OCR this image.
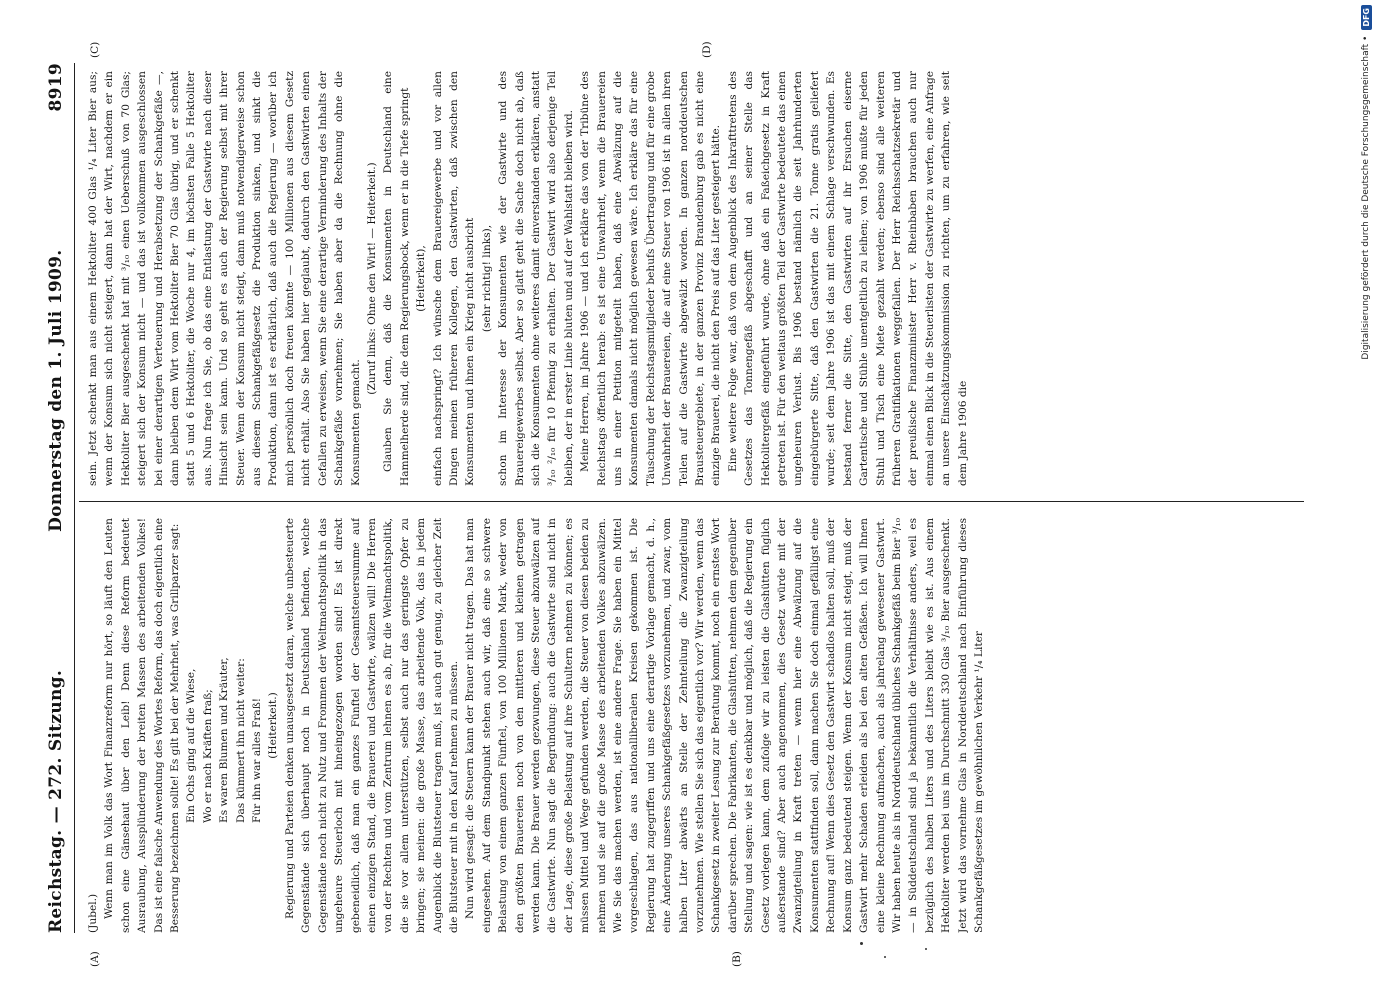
Reichstag. — 272. Sitzung.
Donnerstag den 1. Juli 1909.
8919

(Jubel.) Wenn man im Volk das Wort Finanzreform nur hört, so läuft den Leuten schon eine Gänsehaut über den Leib! Denn diese Reform bedeutet Ausraubung, Aussplünderung der breiten Massen des arbeitenden Volkes! Das ist eine falsche Anwendung des Wortes Reform, das doch eigentlich eine Besserung bezeichnen sollte! Es gilt bei der Mehrheit, was Grillparzer sagt: Ein Ochs ging auf die Wiese, Wo er nach Kräften fraß; Es waren Blumen und Kräuter, Das kümmert ihn nicht weiter: Für ihn war alles Fraß! (Heiterkeit.) Regierung und Parteien denken unausgesetzt daran, welche unbesteuerte Gegenstände sich überhaupt noch in Deutschland befinden, welche Gegenstände noch nicht zu Nutz und Frommen der Weltmachtspolitik in das ungeheure Steuerloch mit hineingezogen worden sind! Es ist direkt gebeneidlich, daß man ein ganzes Fünftel der Gesamtsteuersumme auf einen einzigen Stand, die Brauerei und Gastwirte, wälzen will! Die Herren von der Rechten und vom Zentrum lehnen es ab, für die Weltmachtspolitik, die sie vor allem unterstützen, selbst auch nur das geringste Opfer zu bringen; sie meinen: die große Masse, das arbeitende Volk, das in jedem Augenblick die Blutsteuer tragen muß, ist auch gut genug, zu gleicher Zeit die Blutsteuer mit in den Kauf nehmen zu müssen. Nun wird gesagt: die Steuern kann der Brauer nicht tragen. Das hat man eingesehen. Auf dem Standpunkt stehen auch wir, daß eine so schwere Belastung von einem ganzen Fünftel, von 100 Millionen Mark, weder von den größten Brauereien noch von den mittleren und kleinen getragen werden kann. Die Brauer werden gezwungen, diese Steuer abzuwälzen auf die Gastwirte. Nun sagt die Begründung: auch die Gastwirte sind nicht in der Lage, diese große Belastung auf ihre Schultern nehmen zu können; es müssen Mittel und Wege gefunden werden, die Steuer von diesen beiden zu nehmen und sie auf die große Masse des arbeitenden Volkes abzuwälzen. Wie Sie das machen werden, ist eine andere Frage. Sie haben ein Mittel vorgeschlagen, das aus nationalliberalen Kreisen gekommen ist. Die Regierung hat zugegriffen und uns eine derartige Vorlage gemacht, d. h., eine Änderung unseres Schankgefäßgesetzes vorzunehmen, und zwar, vom halben Liter abwärts an Stelle der Zehnteilung die Zwanzigteilung vorzunehmen. Wie stellen Sie sich das eigentlich vor? Wir werden, wenn das Schankgesetz in zweiter Lesung zur Beratung kommt, noch ein ernstes Wort darüber sprechen. Die Fabrikanten, die Glashütten, nehmen dem gegenüber Stellung und sagen: wie ist es denkbar und möglich, daß die Regierung ein Gesetz vorlegen kann, dem zufolge wir zu leisten die Glashütten füglich außerstande sind? Aber auch angenommen, dies Gesetz würde mit der Zwanzigteilung in Kraft treten — wenn hier eine Abwälzung auf die Konsumenten stattfinden soll, dann machen Sie doch einmal gefälligst eine Rechnung auf! Wenn dies Gesetz den Gastwirt schadlos halten soll, muß der Konsum ganz bedeutend steigen. Wenn der Konsum nicht steigt, muß der Gastwirt mehr Schaden erleiden als bei den alten Gefäßen. Ich will Ihnen eine kleine Rechnung aufmachen, auch als jahrelang gewesener Gastwirt. Wir haben heute als in Norddeutschland übliches Schankgefäß beim Bier ³/₁₀ — in Süddeutschland sind ja bekanntlich die Verhältnisse anders, weil es bezüglich des halben Liters und des Liters bleibt wie es ist. Aus einem Hektoliter werden bei uns im Durchschnitt 330 Glas ³/₁₀ Bier ausgeschenkt. Jetzt wird das vornehme Glas in Norddeutschland nach Einführung dieses Schankgefäßgesetzes im gewöhnlichen Verkehr ¹/₄ Liter

sein. Jetzt schenkt man aus einem Hektoliter 400 Glas ¹/₄ Liter Bier aus; wenn der Konsum sich nicht steigert, dann hat der Wirt, nachdem er ein Hektoliter Bier ausgeschenkt hat mit ³/₁₀ einen Ueberschuß von 70 Glas; steigert sich der Konsum nicht — und das ist vollkommen ausgeschlossen bei einer derartigen Verteuerung und Herabsetzung der Schankgefäße —, dann bleiben dem Wirt vom Hektoliter Bier 70 Glas übrig, und er schenkt statt 5 und 6 Hektoliter, die Woche nur 4, im höchsten Falle 5 Hektoliter aus. Nun frage ich Sie, ob das eine Entlastung der Gastwirte nach dieser Hinsicht sein kann. Und so geht es auch der Regierung selbst mit ihrer Steuer. Wenn der Konsum nicht steigt, dann muß notwendigerweise schon aus diesem Schankgefäßgesetz die Produktion sinken, und sinkt die Produktion, dann ist es erklärlich, daß auch die Regierung — worüber ich mich persönlich doch freuen könnte — 100 Millionen aus diesem Gesetz nicht erhält. Also Sie haben hier geglaubt, dadurch den Gastwirten einen Gefallen zu erweisen, wenn Sie eine derartige Verminderung des Inhalts der Schankgefäße vornehmen; Sie haben aber da die Rechnung ohne die Konsumenten gemacht.

(Zuruf links: Ohne den Wirt! — Heiterkeit.) Glauben Sie denn, daß die Konsumenten in Deutschland eine Hammelherde sind, die dem Regierungsbock, wenn er in die Tiefe springt (Heiterkeit), einfach nachspringt? Ich wünsche dem Brauereigewerbe und vor allen Dingen meinen früheren Kollegen, den Gastwirten, daß zwischen den Konsumenten und ihnen ein Krieg nicht ausbricht (sehr richtig! links), schon im Interesse der Konsumenten wie der Gastwirte und des Brauereigewerbes selbst. Aber so glatt geht die Sache doch nicht ab, daß sich die Konsumenten ohne weiteres damit einverstanden erklären, anstatt ³/₁₀ ²/₁₀ für 10 Pfennig zu erhalten. Der Gastwirt wird also derjenige Teil bleiben, der in erster Linie bluten und auf der Wahlstatt bleiben wird. Meine Herren, im Jahre 1906 — und ich erkläre das von der Tribüne des Reichstags öffentlich herab: es ist eine Unwahrheit, wenn die Brauereien uns in einer Petition mitgeteilt haben, daß eine Abwälzung auf die Konsumenten damals nicht möglich gewesen wäre. Ich erkläre das für eine Täuschung der Reichstagsmitglieder behufs Übertragung und für eine grobe Unwahrheit der Brauereien, die auf eine Steuer von 1906 ist in allen ihren Teilen auf die Gastwirte abgewälzt worden. In ganzen norddeutschen Brausteuergebiete, in der ganzen Provinz Brandenburg gab es nicht eine einzige Brauerei, die nicht den Preis auf das Liter gesteigert hätte. Eine weitere Folge war, daß von dem Augenblick des Inkrafttretens des Gesetzes das Tonnengefäß abgeschafft und an seiner Stelle das Hektolitergefäß eingeführt wurde, ohne daß ein Faßeichgesetz in Kraft getreten ist. Für den weitaus größten Teil der Gastwirte bedeutete das einen ungeheuren Verlust. Bis 1906 bestand nämlich die seit Jahrhunderten eingebürgerte Sitte, daß den Gastwirten die 21. Tonne gratis geliefert wurde; seit dem Jahre 1906 ist das mit einem Schlage verschwunden. Es bestand ferner die Sitte, den Gastwirten auf ihr Ersuchen eiserne Gartentische und Stühle unentgeltlich zu leihen; von 1906 mußte für jeden Stuhl und Tisch eine Miete gezahlt werden; ebenso sind alle weiteren früheren Gratifikationen weggefallen. Der Herr Reichsschatzsekretär und der preußische Finanzminister Herr v. Rheinbaben brauchen auch nur einmal einen Blick in die Steuerlisten der Gastwirte zu werfen, eine Anfrage an unsere Einschätzungskommission zu richten, um zu erfahren, wie seit dem Jahre 1906 die

(A)	(B)
(C)	(D)	Digitalisierung gefördert durch die Deutsche Forschungsgemeinschaft •
DFG
